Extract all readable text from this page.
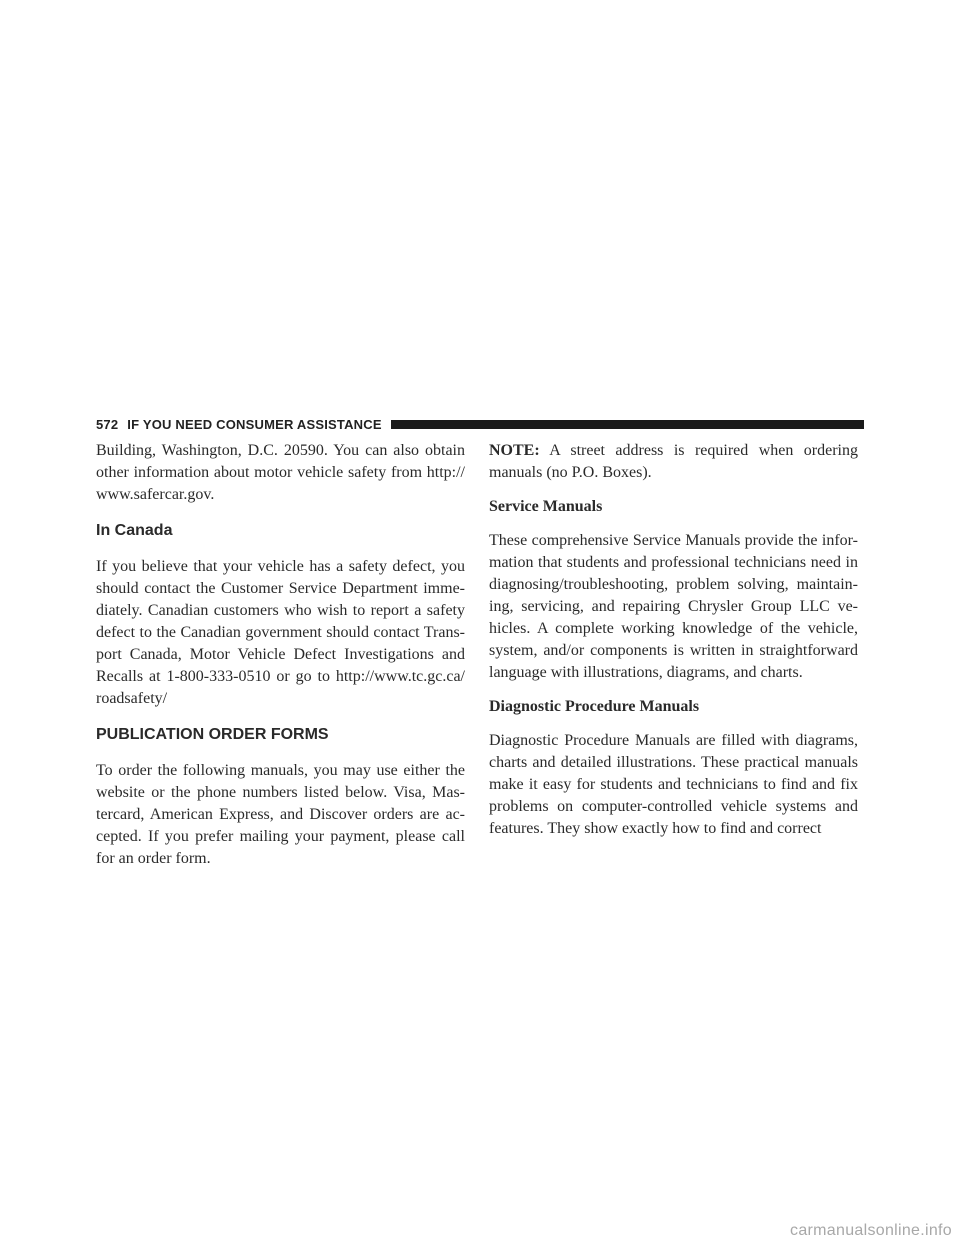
572 IF YOU NEED CONSUMER ASSISTANCE

Building, Washington, D.C. 20590. You can also obtain other information about motor vehicle safety from http:// www.safercar.gov.

In Canada

If you believe that your vehicle has a safety defect, you should contact the Customer Service Department imme- diately. Canadian customers who wish to report a safety defect to the Canadian government should contact Trans- port Canada, Motor Vehicle Defect Investigations and Recalls at 1-800-333-0510 or go to http://www.tc.gc.ca/ roadsafety/

PUBLICATION ORDER FORMS

To order the following manuals, you may use either the website or the phone numbers listed below. Visa, Mas- tercard, American Express, and Discover orders are ac- cepted. If you prefer mailing your payment, please call for an order form.

NOTE: A street address is required when ordering manuals (no P.O. Boxes).

Service Manuals

These comprehensive Service Manuals provide the infor- mation that students and professional technicians need in diagnosing/troubleshooting, problem solving, maintain- ing, servicing, and repairing Chrysler Group LLC ve- hicles. A complete working knowledge of the vehicle, system, and/or components is written in straightforward language with illustrations, diagrams, and charts.

Diagnostic Procedure Manuals

Diagnostic Procedure Manuals are filled with diagrams, charts and detailed illustrations. These practical manuals make it easy for students and technicians to find and fix problems on computer-controlled vehicle systems and features. They show exactly how to find and correct

carmanualsonline.info
